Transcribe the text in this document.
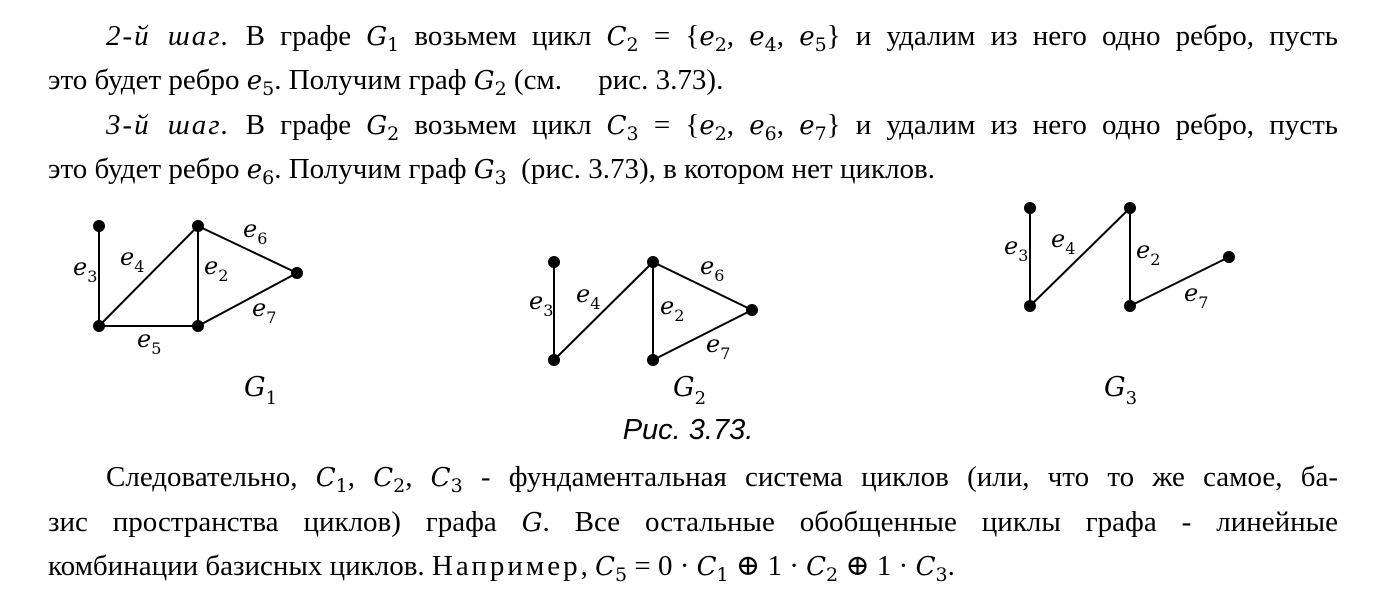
2-й шаг. В графе $G_1$ возьмем цикл $C_2 = \{e_2$, $e_4$, $e_5$} и удалим из него одно ребро, пусть
это будет ребро $e_5$. Получим граф $G_2$ (см.     рис. 3.73).
3-й шаг. В графе $G_2$ возьмем цикл $C_3 = \{e_2$, $e_6$, $e_7$} и удалим из него одно ребро, пусть
это будет ребро $e_6$. Получим граф $G_3$  (рис. 3.73), в котором нет циклов.
$e_3$
$e_4$ $e_2$
$e_6$
$e_7$
$e_5$
$G_1$
$e_3$
$e_4$ $e_2$
$e_6$
$e_7$
$G_2$
$e_3$
$e_4$	$e_2$
$e_7$
$G_3$
Рис. 3.73.
Следовательно, $C_1$, $C_2$, $C_3$ - фундаментальная система циклов (или, что то же самое, ба-
зис пространства циклов) графа G. Все остальные обобщенные циклы графа - линейные
комбинации базисных циклов. Например, $C_5 = 0 \cdot C_1$ ⊕ $1 \cdot C_2$ ⊕ $1 \cdot C_3$.
